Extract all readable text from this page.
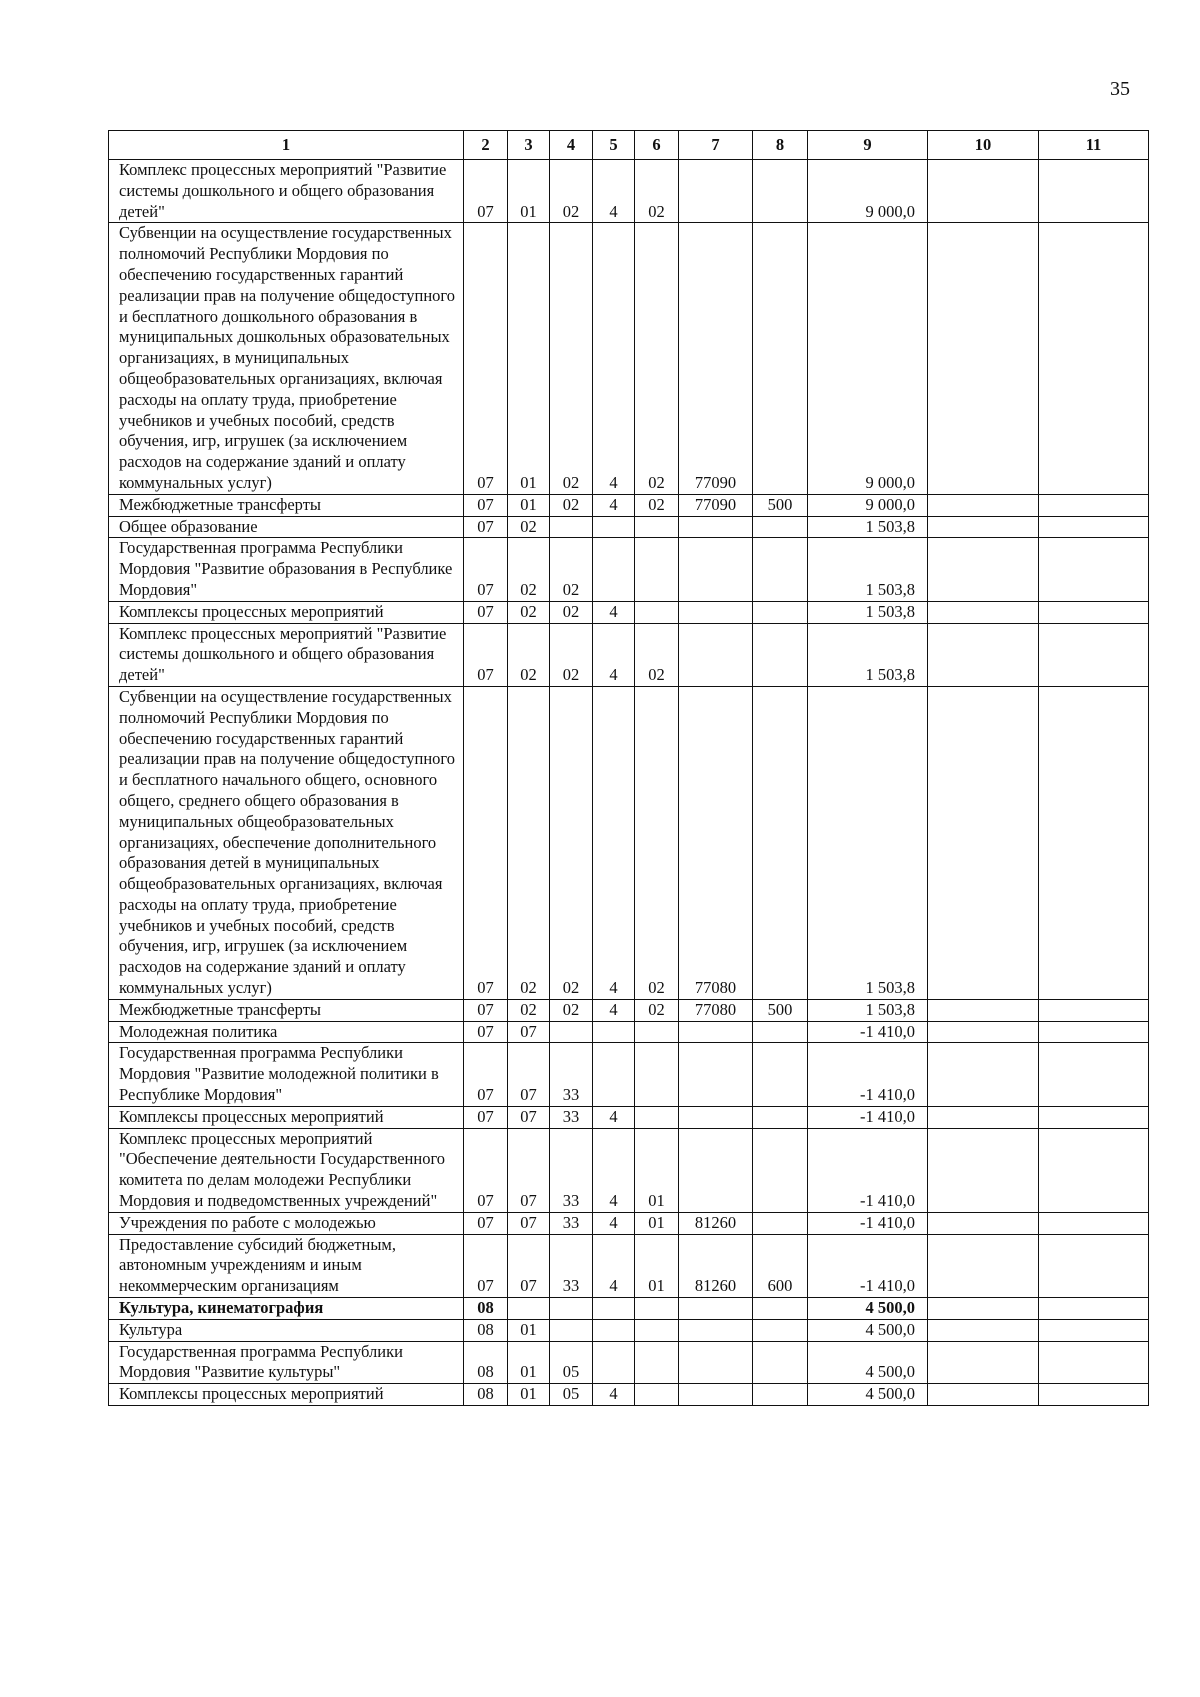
35
1	2	3	4	5	6	7	8	9	10	11
Комплекс процессных мероприятий "Развитие системы дошкольного и общего образования детей"	07	01	02	4	02			9 000,0		
Субвенции на осуществление государственных полномочий Республики Мордовия по обеспечению государственных гарантий реализации прав на получение общедоступного и бесплатного дошкольного образования в муниципальных дошкольных образовательных организациях, в муниципальных общеобразовательных организациях, включая расходы на оплату труда, приобретение учебников и учебных пособий, средств обучения, игр, игрушек (за исключением расходов на содержание зданий и оплату коммунальных услуг)	07	01	02	4	02	77090		9 000,0		
Межбюджетные трансферты	07	01	02	4	02	77090	500	9 000,0		
Общее образование	07	02						1 503,8		
Государственная программа Республики Мордовия "Развитие образования в Республике Мордовия"	07	02	02					1 503,8		
Комплексы процессных мероприятий	07	02	02	4				1 503,8		
Комплекс процессных мероприятий "Развитие системы дошкольного и общего образования детей"	07	02	02	4	02			1 503,8		
Субвенции на осуществление государственных полномочий Республики Мордовия по обеспечению государственных гарантий реализации прав на получение общедоступного и бесплатного начального общего, основного общего, среднего общего образования в муниципальных общеобразовательных организациях, обеспечение дополнительного образования детей в муниципальных общеобразовательных организациях, включая расходы на оплату труда, приобретение учебников и учебных пособий, средств обучения, игр, игрушек (за исключением расходов на содержание зданий и оплату коммунальных услуг)	07	02	02	4	02	77080		1 503,8		
Межбюджетные трансферты	07	02	02	4	02	77080	500	1 503,8		
Молодежная политика	07	07						-1 410,0		
Государственная программа Республики Мордовия "Развитие молодежной политики в Республике Мордовия"	07	07	33					-1 410,0		
Комплексы процессных мероприятий	07	07	33	4				-1 410,0		
Комплекс процессных мероприятий "Обеспечение деятельности Государственного комитета по делам молодежи Республики Мордовия и подведомственных учреждений"	07	07	33	4	01			-1 410,0		
Учреждения по работе с молодежью	07	07	33	4	01	81260		-1 410,0		
Предоставление субсидий бюджетным, автономным учреждениям и иным некоммерческим организациям	07	07	33	4	01	81260	600	-1 410,0		
Культура, кинематография	08							4 500,0		
Культура	08	01						4 500,0		
Государственная программа Республики Мордовия "Развитие культуры"	08	01	05					4 500,0		
Комплексы процессных мероприятий	08	01	05	4				4 500,0		
